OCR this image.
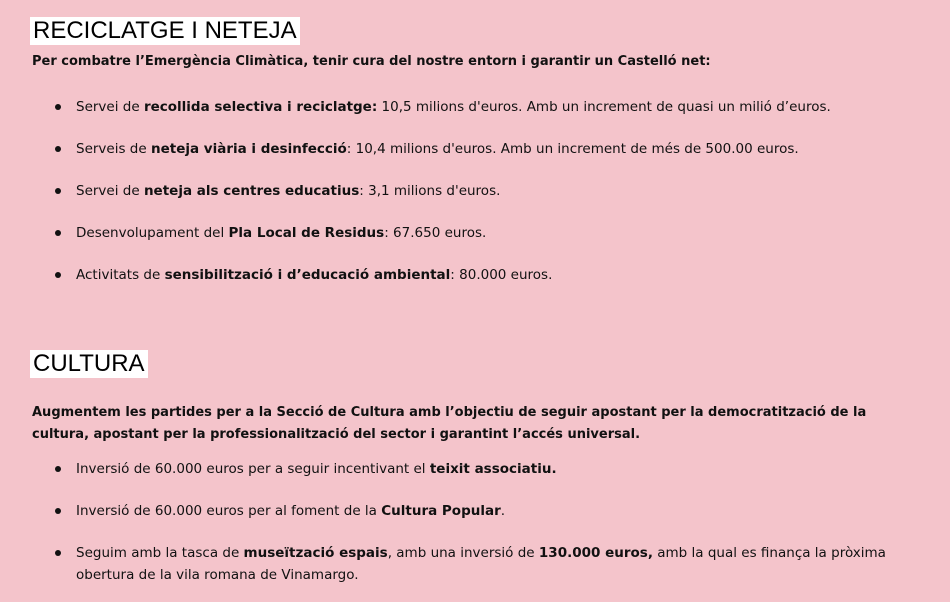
RECICLATGE I NETEJA

Per combatre l’Emergència Climàtica, tenir cura del nostre entorn i garantir un Castelló net:

Servei de recollida selectiva i reciclatge: 10,5 milions d'euros. Amb un increment de quasi un milió d’euros.
Serveis de neteja viària i desinfecció: 10,4 milions d'euros. Amb un increment de més de 500.00 euros.
Servei de neteja als centres educatius: 3,1 milions d'euros.
Desenvolupament del Pla Local de Residus: 67.650 euros.
Activitats de sensibilització i d’educació ambiental: 80.000 euros.
CULTURA

Augmentem les partides per a la Secció de Cultura amb l’objectiu de seguir apostant per la democratització de la cultura, apostant per la professionalització del sector i garantint l’accés universal.

Inversió de 60.000 euros per a seguir incentivant el teixit associatiu.
Inversió de 60.000 euros per al foment de la Cultura Popular.
Seguim amb la tasca de museïtzació espais, amb una inversió de 130.000 euros, amb la qual es finança la pròxima obertura de la vila romana de Vinamargo.
